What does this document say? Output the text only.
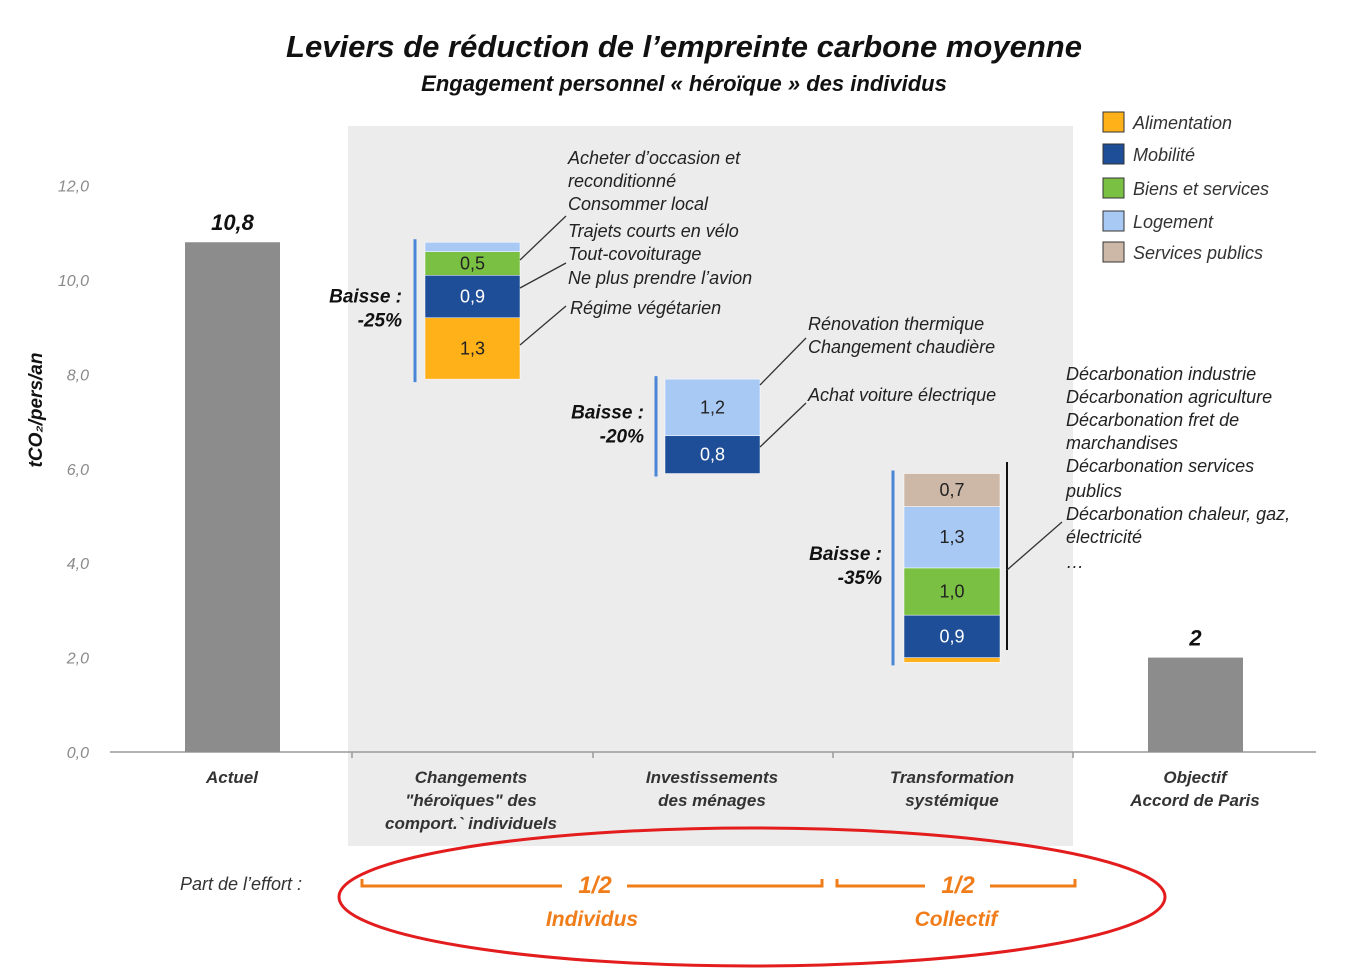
Leviers de réduction de l’empreinte carbone moyenne
Engagement personnel « héroïque » des individus
tCO₂/pers/an
0,0
2,0
4,0
6,0
8,0
10,0
12,0
Actuel	Changements "héroïques" des comport.` individuels
Investissements des ménages
Transformation systémique
Objectif Accord de Paris
10,8
2
1,3
0,9
0,5
0,8
1,2
0,9
1,0
1,3
0,7
Baisse :
-25%
Baisse :
-20%
Baisse :
-35%
Acheter d’occasion et
reconditionné
Consommer local
Trajets courts en vélo
Tout-covoiturage
Ne plus prendre l’avion
Régime végétarien
Rénovation thermique
Changement chaudière
Achat voiture électrique
Décarbonation industrie
Décarbonation agriculture
Décarbonation fret de
marchandises
Décarbonation services
publics
Décarbonation chaleur, gaz,
électricité
…
Alimentation
Mobilité
Biens et services
Logement
Services publics
Part de l’effort :	1/2
Individus
1/2
Collectif
